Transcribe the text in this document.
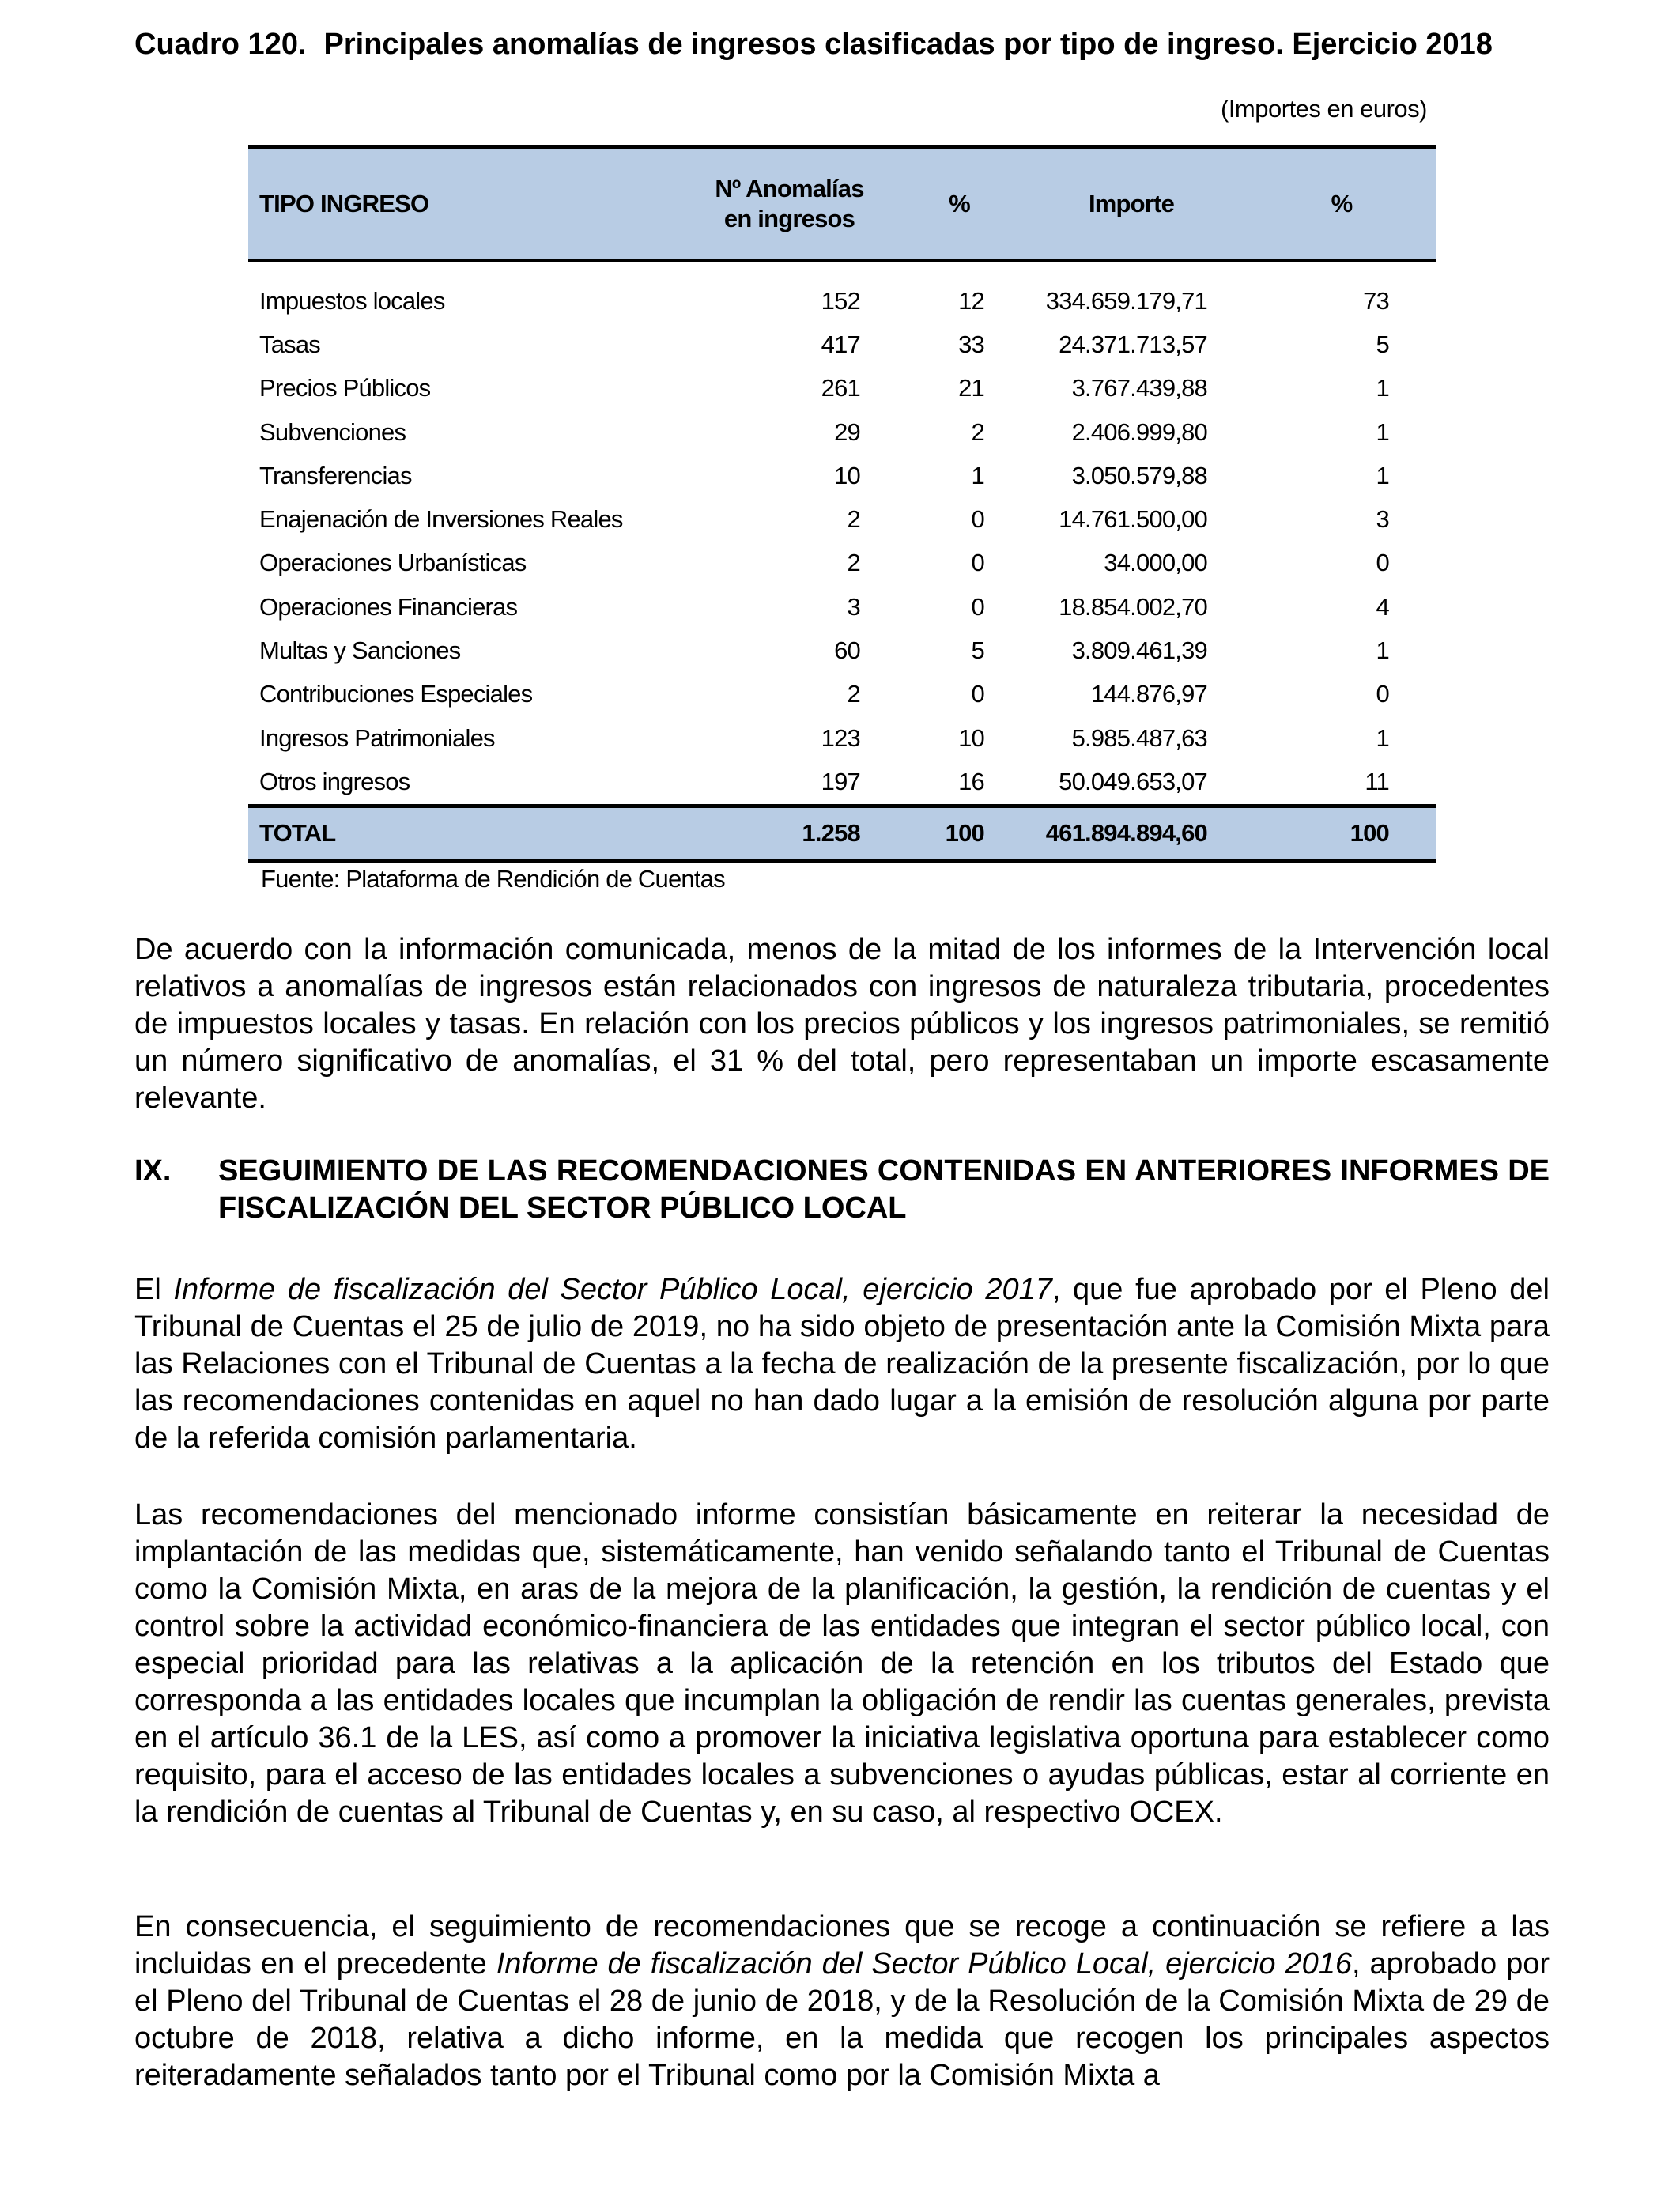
Cuadro 120. Principales anomalías de ingresos clasificadas por tipo de ingreso. Ejercicio 2018
(Importes en euros)
TIPO INGRESO	Nº Anomalías en ingresos	%	Importe	%
Impuestos locales	152	12	334.659.179,71	73
Tasas	417	33	24.371.713,57	5
Precios Públicos	261	21	3.767.439,88	1
Subvenciones	29	2	2.406.999,80	1
Transferencias	10	1	3.050.579,88	1
Enajenación de Inversiones Reales	2	0	14.761.500,00	3
Operaciones Urbanísticas	2	0	34.000,00	0
Operaciones Financieras	3	0	18.854.002,70	4
Multas y Sanciones	60	5	3.809.461,39	1
Contribuciones Especiales	2	0	144.876,97	0
Ingresos Patrimoniales	123	10	5.985.487,63	1
Otros ingresos	197	16	50.049.653,07	11
TOTAL	1.258	100	461.894.894,60	100
Fuente: Plataforma de Rendición de Cuentas
De acuerdo con la información comunicada, menos de la mitad de los informes de la Intervención local relativos a anomalías de ingresos están relacionados con ingresos de naturaleza tributaria, procedentes de impuestos locales y tasas. En relación con los precios públicos y los ingresos patrimoniales, se remitió un número significativo de anomalías, el 31 % del total, pero representaban un importe escasamente relevante.
IX. SEGUIMIENTO DE LAS RECOMENDACIONES CONTENIDAS EN ANTERIORES INFORMES DE FISCALIZACIÓN DEL SECTOR PÚBLICO LOCAL
El Informe de fiscalización del Sector Público Local, ejercicio 2017, que fue aprobado por el Pleno del Tribunal de Cuentas el 25 de julio de 2019, no ha sido objeto de presentación ante la Comisión Mixta para las Relaciones con el Tribunal de Cuentas a la fecha de realización de la presente fiscalización, por lo que las recomendaciones contenidas en aquel no han dado lugar a la emisión de resolución alguna por parte de la referida comisión parlamentaria.
Las recomendaciones del mencionado informe consistían básicamente en reiterar la necesidad de implantación de las medidas que, sistemáticamente, han venido señalando tanto el Tribunal de Cuentas como la Comisión Mixta, en aras de la mejora de la planificación, la gestión, la rendición de cuentas y el control sobre la actividad económico-financiera de las entidades que integran el sector público local, con especial prioridad para las relativas a la aplicación de la retención en los tributos del Estado que corresponda a las entidades locales que incumplan la obligación de rendir las cuentas generales, prevista en el artículo 36.1 de la LES, así como a promover la iniciativa legislativa oportuna para establecer como requisito, para el acceso de las entidades locales a subvenciones o ayudas públicas, estar al corriente en la rendición de cuentas al Tribunal de Cuentas y, en su caso, al respectivo OCEX.
En consecuencia, el seguimiento de recomendaciones que se recoge a continuación se refiere a las incluidas en el precedente Informe de fiscalización del Sector Público Local, ejercicio 2016, aprobado por el Pleno del Tribunal de Cuentas el 28 de junio de 2018, y de la Resolución de la Comisión Mixta de 29 de octubre de 2018, relativa a dicho informe, en la medida que recogen los principales aspectos reiteradamente señalados tanto por el Tribunal como por la Comisión Mixta a
